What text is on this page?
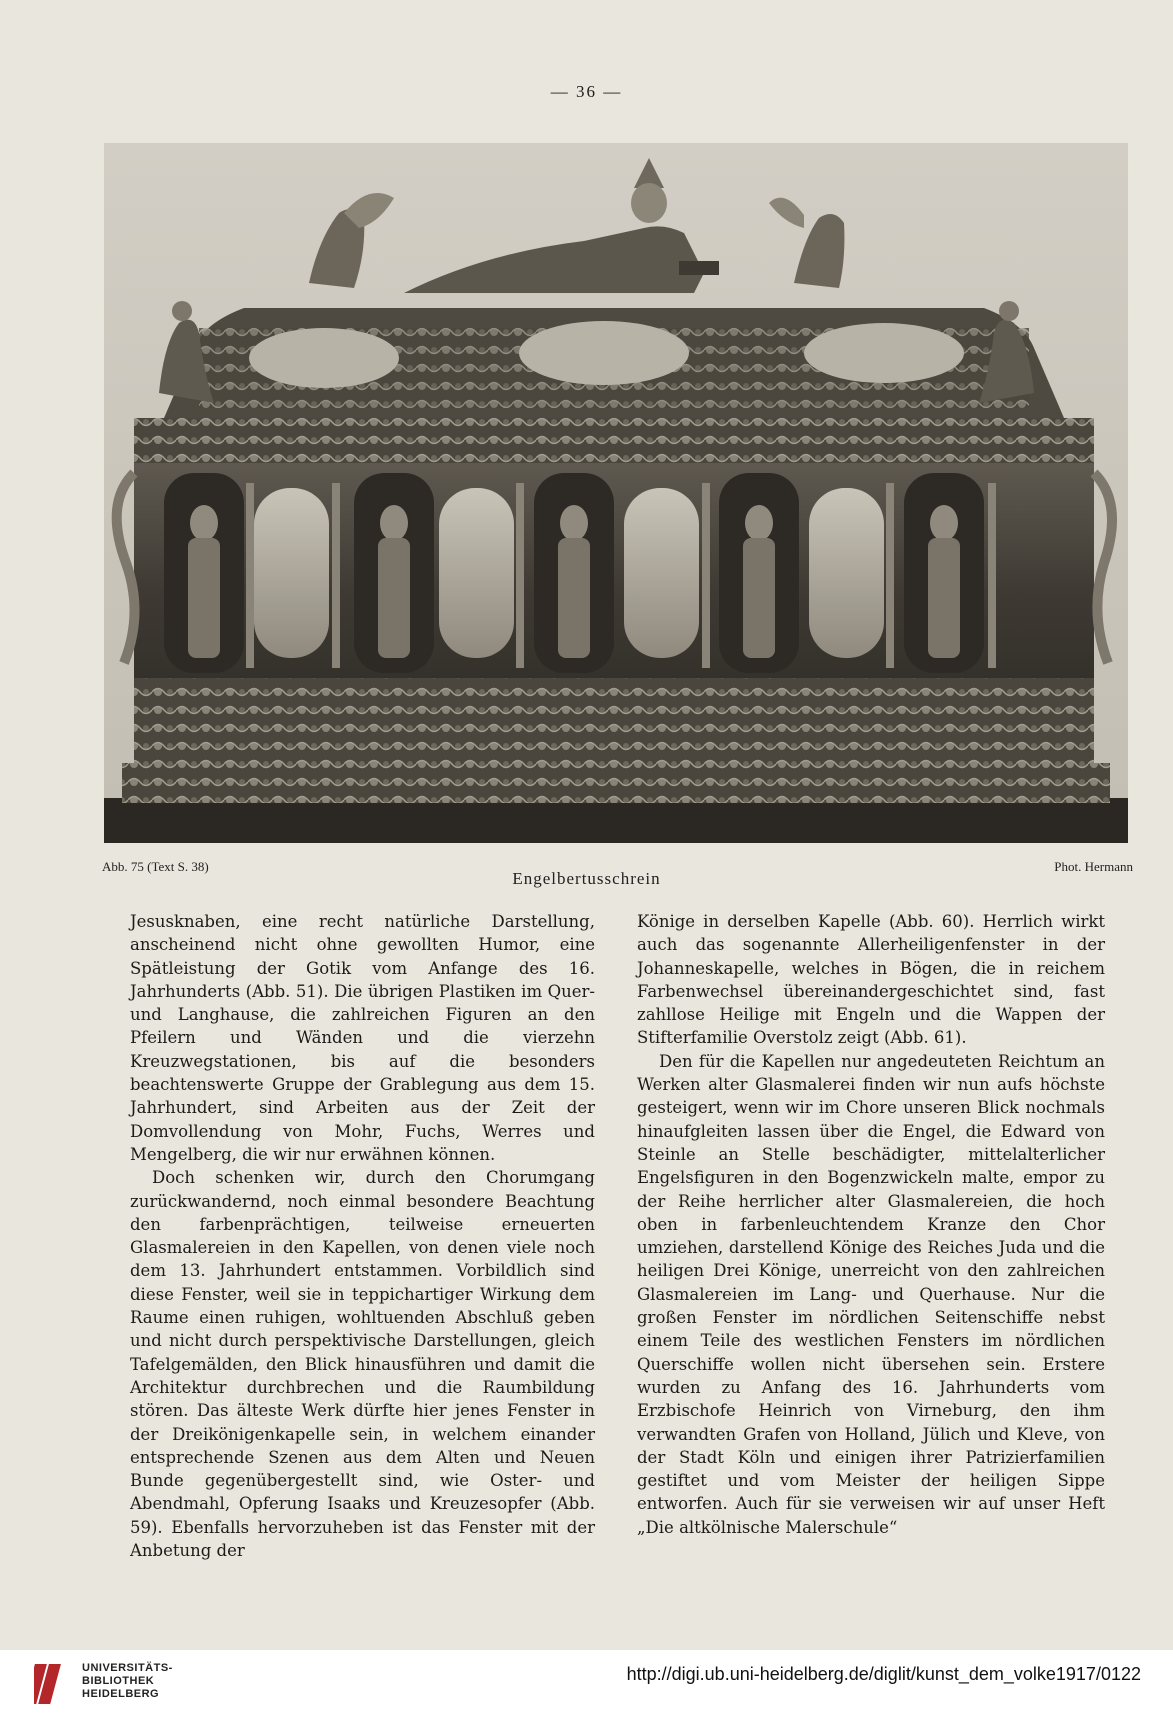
— 36 —
Abb. 75 (Text S. 38)
Engelbertusschrein
Phot. Hermann

Jesusknaben, eine recht natürliche Darstellung, anscheinend nicht ohne gewollten Humor, eine Spätleistung der Gotik vom Anfange des 16. Jahrhunderts (Abb. 51). Die übrigen Plastiken im Quer- und Langhause, die zahlreichen Figuren an den Pfeilern und Wänden und die vierzehn Kreuzwegstationen, bis auf die besonders beachtenswerte Gruppe der Grablegung aus dem 15. Jahrhundert, sind Arbeiten aus der Zeit der Domvollendung von Mohr, Fuchs, Werres und Mengelberg, die wir nur erwähnen können.

Doch schenken wir, durch den Chorumgang zurückwandernd, noch einmal besondere Beachtung den farbenprächtigen, teilweise erneuerten Glasmalereien in den Kapellen, von denen viele noch dem 13. Jahrhundert entstammen. Vorbildlich sind diese Fenster, weil sie in teppichartiger Wirkung dem Raume einen ruhigen, wohltuenden Abschluß geben und nicht durch perspektivische Darstellungen, gleich Tafelgemälden, den Blick hinausführen und damit die Architektur durchbrechen und die Raumbildung stören. Das älteste Werk dürfte hier jenes Fenster in der Dreikönigenkapelle sein, in welchem einander entsprechende Szenen aus dem Alten und Neuen Bunde gegenübergestellt sind, wie Oster- und Abendmahl, Opferung Isaaks und Kreuzesopfer (Abb. 59). Ebenfalls hervorzuheben ist das Fenster mit der Anbetung der

Könige in derselben Kapelle (Abb. 60). Herrlich wirkt auch das sogenannte Allerheiligenfenster in der Johanneskapelle, welches in Bögen, die in reichem Farbenwechsel übereinandergeschichtet sind, fast zahllose Heilige mit Engeln und die Wappen der Stifterfamilie Overstolz zeigt (Abb. 61).

Den für die Kapellen nur angedeuteten Reichtum an Werken alter Glasmalerei finden wir nun aufs höchste gesteigert, wenn wir im Chore unseren Blick nochmals hinaufgleiten lassen über die Engel, die Edward von Steinle an Stelle beschädigter, mittelalterlicher Engelsfiguren in den Bogenzwickeln malte, empor zu der Reihe herrlicher alter Glasmalereien, die hoch oben in farbenleuchtendem Kranze den Chor umziehen, darstellend Könige des Reiches Juda und die heiligen Drei Könige, unerreicht von den zahlreichen Glasmalereien im Lang- und Querhause. Nur die großen Fenster im nördlichen Seitenschiffe nebst einem Teile des westlichen Fensters im nördlichen Querschiffe wollen nicht übersehen sein. Erstere wurden zu Anfang des 16. Jahrhunderts vom Erzbischofe Heinrich von Virneburg, den ihm verwandten Grafen von Holland, Jülich und Kleve, von der Stadt Köln und einigen ihrer Patrizierfamilien gestiftet und vom Meister der heiligen Sippe entworfen. Auch für sie verweisen wir auf unser Heft „Die altkölnische Malerschule“

UNIVERSITÄTS-
BIBLIOTHEK
HEIDELBERG
http://digi.ub.uni-heidelberg.de/diglit/kunst_dem_volke1917/0122
